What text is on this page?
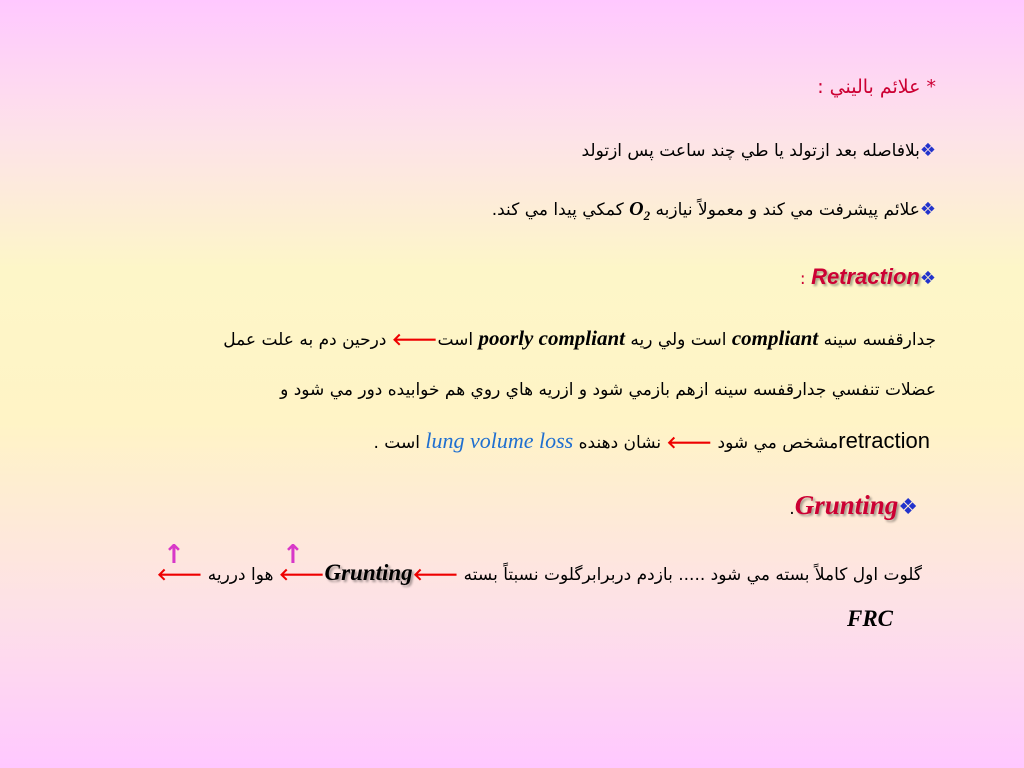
* علائم باليني :
❖بلافاصله بعد ازتولد يا طي چند ساعت پس ازتولد
❖علائم پيشرفت مي كند و معمولاً نيازبه $O_2$ كمكي پيدا مي كند.
❖Retraction :
جدارقفسه سينه compliant است ولي ريه poorly compliant است🡐 درحين دم به علت عمل
عضلات تنفسي جدارقفسه سينه ازهم بازمي شود و ازريه هاي روي هم خوابيده دور مي شود و
retractionمشخص مي شود 🡐 نشان دهنده lung volume loss است .
❖Grunting.
گلوت اول كاملاً بسته مي شود ..... بازدم دربرابرگلوت نسبتاً بسته 🡐Grunting🡐 هوا درريه 🡐
↑
↑
FRC
